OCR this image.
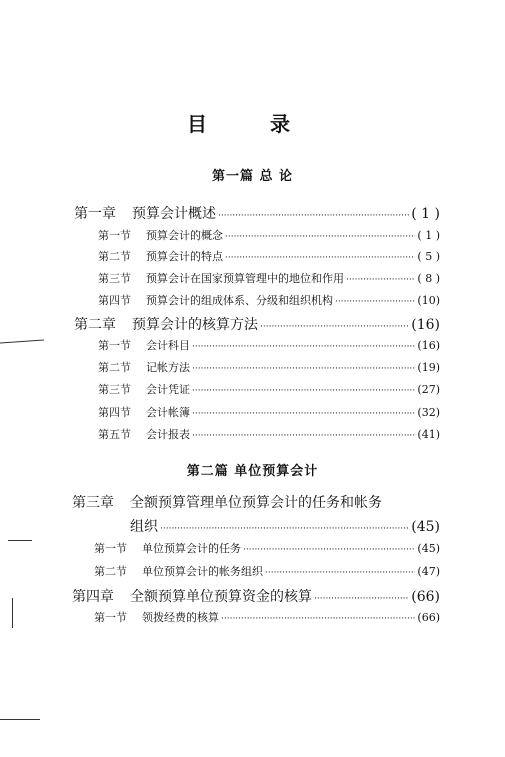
目 录
第一篇 总 论
第一章	预算会计概述 ·····	( 1 )
第一节	预算会计的概念 ·····	( 1 )
第二节	预算会计的特点 ·····	( 5 )
第三节	预算会计在国家预算管理中的地位和作用 ·····	( 8 )
第四节	预算会计的组成体系、分级和组织机构 ·····	(10)
第二章	预算会计的核算方法 ·····	(16)
第一节	会计科目 ·····	(16)
第二节	记帐方法 ·····	(19)
第三节	会计凭证 ·····	(27)
第四节	会计帐簿 ·····	(32)
第五节	会计报表 ·····	(41)
第二篇 单位预算会计
第三章	全额预算管理单位预算会计的任务和帐务
组织 ·····	(45)
第一节	单位预算会计的任务 ·····	(45)
第二节	单位预算会计的帐务组织 ·····	(47)
第四章	全额预算单位预算资金的核算 ·····	(66)
第一节	领拨经费的核算 ·····	(66)
